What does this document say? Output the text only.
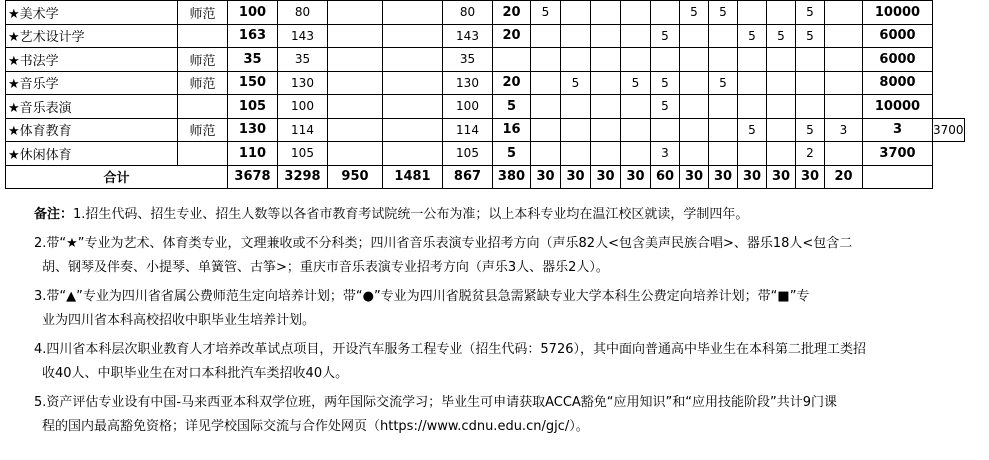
★美术学	师范	100	80			80	20	5					5	5			5		10000	
★艺术设计学		163	143			143	20					5			5	5	5		6000	
★书法学	师范	35	35			35													6000	
★音乐学	师范	150	130			130	20		5		5	5		5					8000	
★音乐表演		105	100			100	5					5							10000	
★体育教育	师范	130	114			114	16								5		5	3	3	3700
★休闲体育		110	105			105	5					3					2		3700	
合计		3678	3298	950	1481	867	380	30	30	30	30	60	30	30	30	30	30	20		

备注：1.招生代码、招生专业、招生人数等以各省市教育考试院统一公布为准；以上本科专业均在温江校区就读，学制四年。

2.带“★”专业为艺术、体育类专业，文理兼收或不分科类；四川省音乐表演专业招考方向（声乐82人<包含美声民族合唱>、器乐18人<包含二
胡、钢琴及伴奏、小提琴、单簧管、古筝>；重庆市音乐表演专业招考方向（声乐3人、器乐2人）。

3.带“▲”专业为四川省省属公费师范生定向培养计划；带“●”专业为四川省脱贫县急需紧缺专业大学本科生公费定向培养计划；带“■”专
业为四川省本科高校招收中职毕业生培养计划。

4.四川省本科层次职业教育人才培养改革试点项目，开设汽车服务工程专业（招生代码：5726），其中面向普通高中毕业生在本科第二批理工类招
收40人、中职毕业生在对口本科批汽车类招收40人。

5.资产评估专业设有中国-马来西亚本科双学位班，两年国际交流学习；毕业生可申请获取ACCA豁免“应用知识”和“应用技能阶段”共计9门课
程的国内最高豁免资格；详见学校国际交流与合作处网页（https://www.cdnu.edu.cn/gjc/）。
